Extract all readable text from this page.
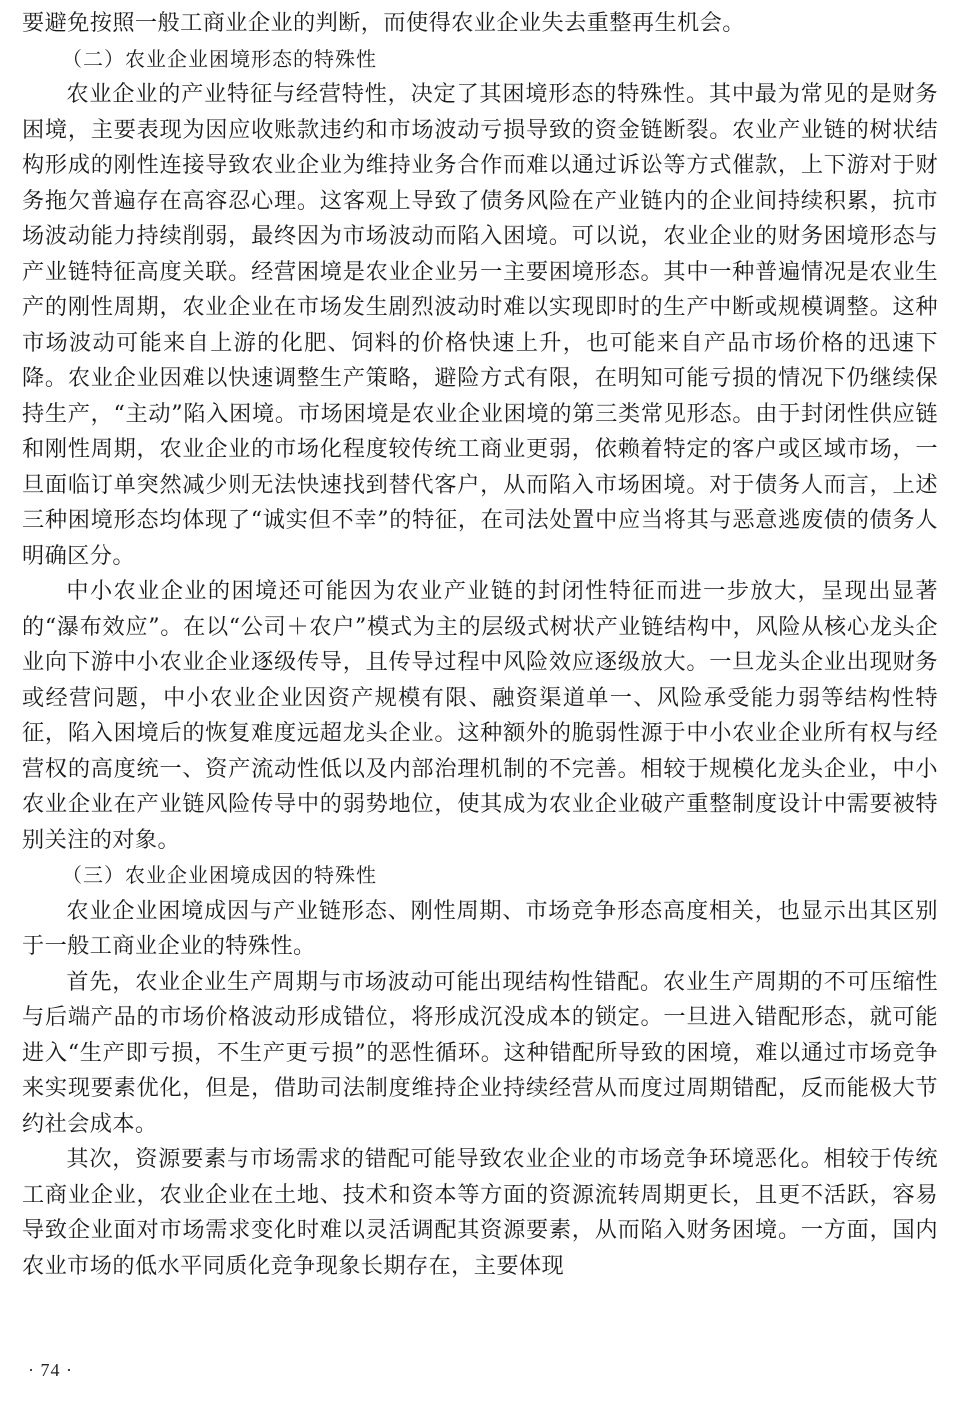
要避免按照一般工商业企业的判断，而使得农业企业失去重整再生机会。

（二）农业企业困境形态的特殊性

农业企业的产业特征与经营特性，决定了其困境形态的特殊性。其中最为常见的是财务困境，主要表现为因应收账款违约和市场波动亏损导致的资金链断裂。农业产业链的树状结构形成的刚性连接导致农业企业为维持业务合作而难以通过诉讼等方式催款，上下游对于财务拖欠普遍存在高容忍心理。这客观上导致了债务风险在产业链内的企业间持续积累，抗市场波动能力持续削弱，最终因为市场波动而陷入困境。可以说，农业企业的财务困境形态与产业链特征高度关联。经营困境是农业企业另一主要困境形态。其中一种普遍情况是农业生产的刚性周期，农业企业在市场发生剧烈波动时难以实现即时的生产中断或规模调整。这种市场波动可能来自上游的化肥、饲料的价格快速上升，也可能来自产品市场价格的迅速下降。农业企业因难以快速调整生产策略，避险方式有限，在明知可能亏损的情况下仍继续保持生产，“主动”陷入困境。市场困境是农业企业困境的第三类常见形态。由于封闭性供应链和刚性周期，农业企业的市场化程度较传统工商业更弱，依赖着特定的客户或区域市场，一旦面临订单突然减少则无法快速找到替代客户，从而陷入市场困境。对于债务人而言，上述三种困境形态均体现了“诚实但不幸”的特征，在司法处置中应当将其与恶意逃废债的债务人明确区分。

中小农业企业的困境还可能因为农业产业链的封闭性特征而进一步放大，呈现出显著的“瀑布效应”。在以“公司＋农户”模式为主的层级式树状产业链结构中，风险从核心龙头企业向下游中小农业企业逐级传导，且传导过程中风险效应逐级放大。一旦龙头企业出现财务或经营问题，中小农业企业因资产规模有限、融资渠道单一、风险承受能力弱等结构性特征，陷入困境后的恢复难度远超龙头企业。这种额外的脆弱性源于中小农业企业所有权与经营权的高度统一、资产流动性低以及内部治理机制的不完善。相较于规模化龙头企业，中小农业企业在产业链风险传导中的弱势地位，使其成为农业企业破产重整制度设计中需要被特别关注的对象。

（三）农业企业困境成因的特殊性

农业企业困境成因与产业链形态、刚性周期、市场竞争形态高度相关，也显示出其区别于一般工商业企业的特殊性。

首先，农业企业生产周期与市场波动可能出现结构性错配。农业生产周期的不可压缩性与后端产品的市场价格波动形成错位，将形成沉没成本的锁定。一旦进入错配形态，就可能进入“生产即亏损，不生产更亏损”的恶性循环。这种错配所导致的困境，难以通过市场竞争来实现要素优化，但是，借助司法制度维持企业持续经营从而度过周期错配，反而能极大节约社会成本。

其次，资源要素与市场需求的错配可能导致农业企业的市场竞争环境恶化。相较于传统工商业企业，农业企业在土地、技术和资本等方面的资源流转周期更长，且更不活跃，容易导致企业面对市场需求变化时难以灵活调配其资源要素，从而陷入财务困境。一方面，国内农业市场的低水平同质化竞争现象长期存在，主要体现

· 74 ·
